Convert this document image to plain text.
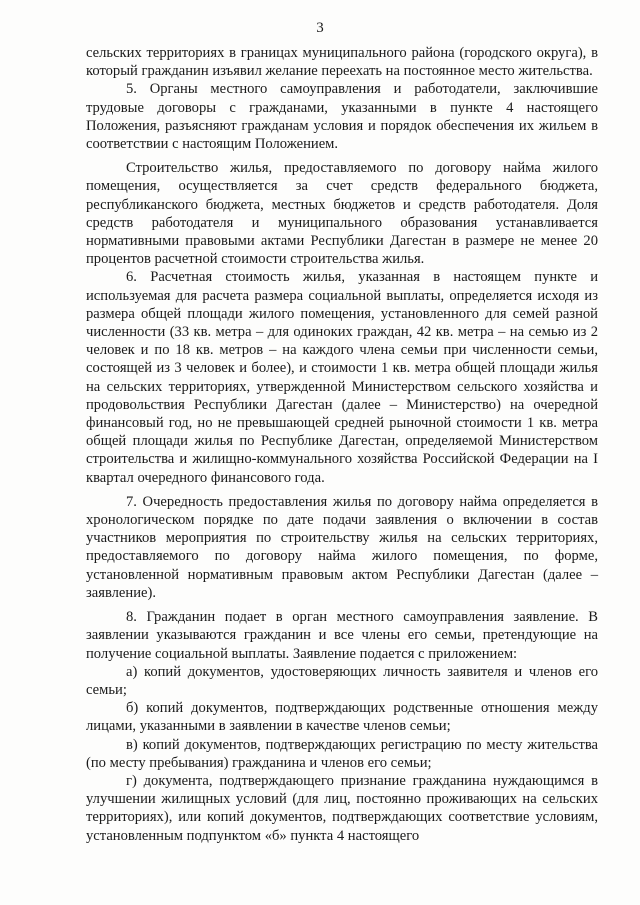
3

сельских территориях в границах муниципального района (городского округа), в который гражданин изъявил желание переехать на постоянное место жительства.

5. Органы местного самоуправления и работодатели, заключившие трудовые договоры с гражданами, указанными в пункте 4 настоящего Положения, разъясняют гражданам условия и порядок обеспечения их жильем в соответствии с настоящим Положением.

Строительство жилья, предоставляемого по договору найма жилого помещения, осуществляется за счет средств федерального бюджета, республиканского бюджета, местных бюджетов и средств работодателя. Доля средств работодателя и муниципального образования устанавливается нормативными правовыми актами Республики Дагестан в размере не менее 20 процентов расчетной стоимости строительства жилья.

6. Расчетная стоимость жилья, указанная в настоящем пункте и используемая для расчета размера социальной выплаты, определяется исходя из размера общей площади жилого помещения, установленного для семей разной численности (33 кв. метра – для одиноких граждан, 42 кв. метра – на семью из 2 человек и по 18 кв. метров – на каждого члена семьи при численности семьи, состоящей из 3 человек и более), и стоимости 1 кв. метра общей площади жилья на сельских территориях, утвержденной Министерством сельского хозяйства и продовольствия Республики Дагестан (далее – Министерство) на очередной финансовый год, но не превышающей средней рыночной стоимости 1 кв. метра общей площади жилья по Республике Дагестан, определяемой Министерством строительства и жилищно-коммунального хозяйства Российской Федерации на I квартал очередного финансового года.

7. Очередность предоставления жилья по договору найма определяется в хронологическом порядке по дате подачи заявления о включении в состав участников мероприятия по строительству жилья на сельских территориях, предоставляемого по договору найма жилого помещения, по форме, установленной нормативным правовым актом Республики Дагестан (далее – заявление).

8. Гражданин подает в орган местного самоуправления заявление. В заявлении указываются гражданин и все члены его семьи, претендующие на получение социальной выплаты. Заявление подается с приложением:

а) копий документов, удостоверяющих личность заявителя и членов его семьи;

б) копий документов, подтверждающих родственные отношения между лицами, указанными в заявлении в качестве членов семьи;

в) копий документов, подтверждающих регистрацию по месту жительства (по месту пребывания) гражданина и членов его семьи;

г) документа, подтверждающего признание гражданина нуждающимся в улучшении жилищных условий (для лиц, постоянно проживающих на сельских территориях), или копий документов, подтверждающих соответствие условиям, установленным подпунктом «б» пункта 4 настоящего
